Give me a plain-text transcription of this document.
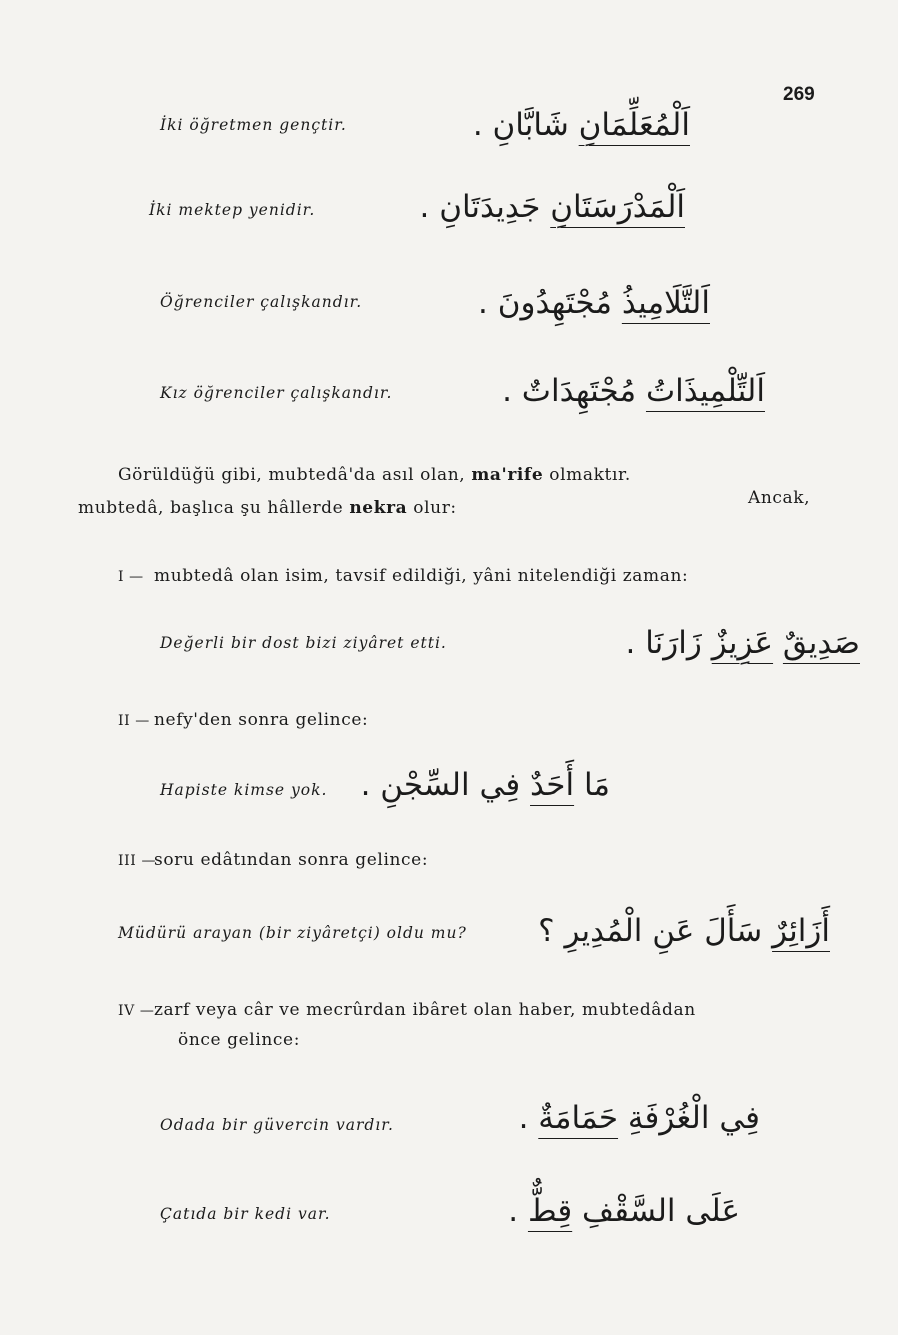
269
İki öğretmen gençtir.	اَلْمُعَلِّمَانِ شَابَّانِ .
İki mektep yenidir.	اَلْمَدْرَسَتَانِ جَدِيدَتَانِ .
Öğrenciler çalışkandır.	اَلتَّلَامِيذُ مُجْتَهِدُونَ .
Kız öğrenciler çalışkandır.	اَلتِّلْمِيذَاتُ مُجْتَهِدَاتٌ .
Görüldüğü gibi, mubtedâ'da asıl olan, ma'rife olmaktır.
Ancak,
mubtedâ, başlıca şu hâllerde nekra olur:
I — mubtedâ olan isim, tavsif edildiği, yâni nitelendiği zaman:
Değerli bir dost bizi ziyâret etti.	صَدِيقٌ عَزِيزٌ زَارَنَا .
II — nefy'den sonra gelince:
Hapiste kimse yok.	مَا أَحَدٌ فِي السِّجْنِ .
III —soru edâtından sonra gelince:
Müdürü arayan (bir ziyâretçi) oldu mu?	أَزَائِرٌ سَأَلَ عَنِ الْمُدِيرِ ؟
IV —zarf veya câr ve mecrûrdan ibâret olan haber, mubtedâdan
önce gelince:
Odada bir güvercin vardır.	فِي الْغُرْفَةِ حَمَامَةٌ .
Çatıda bir kedi var.	عَلَى السَّقْفِ قِطٌّ .
